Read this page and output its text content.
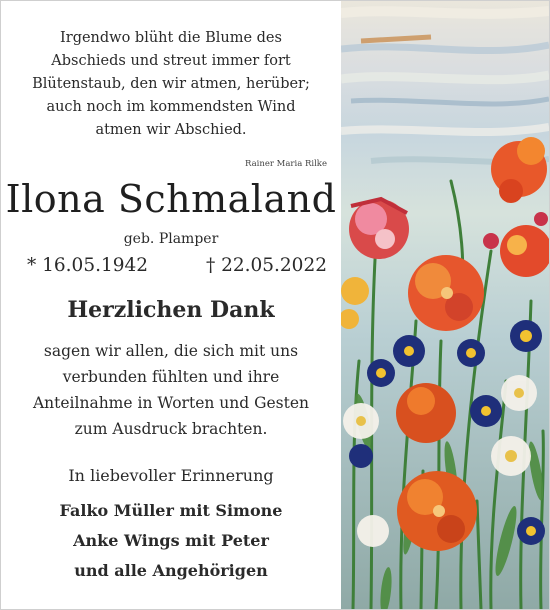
Irgendwo blüht die Blume des
Abschieds und streut immer fort
Blütenstaub, den wir atmen, herüber;
auch noch im kommendsten Wind
atmen wir Abschied.
Rainer Maria Rilke
Ilona Schmaland
geb. Plamper
* 16.05.1942	† 22.05.2022
Herzlichen Dank
sagen wir allen, die sich mit uns
verbunden fühlten und ihre
Anteilnahme in Worten und Gesten
zum Ausdruck brachten.
In liebevoller Erinnerung
Falko Müller mit Simone
Anke Wings mit Peter
und alle Angehörigen
